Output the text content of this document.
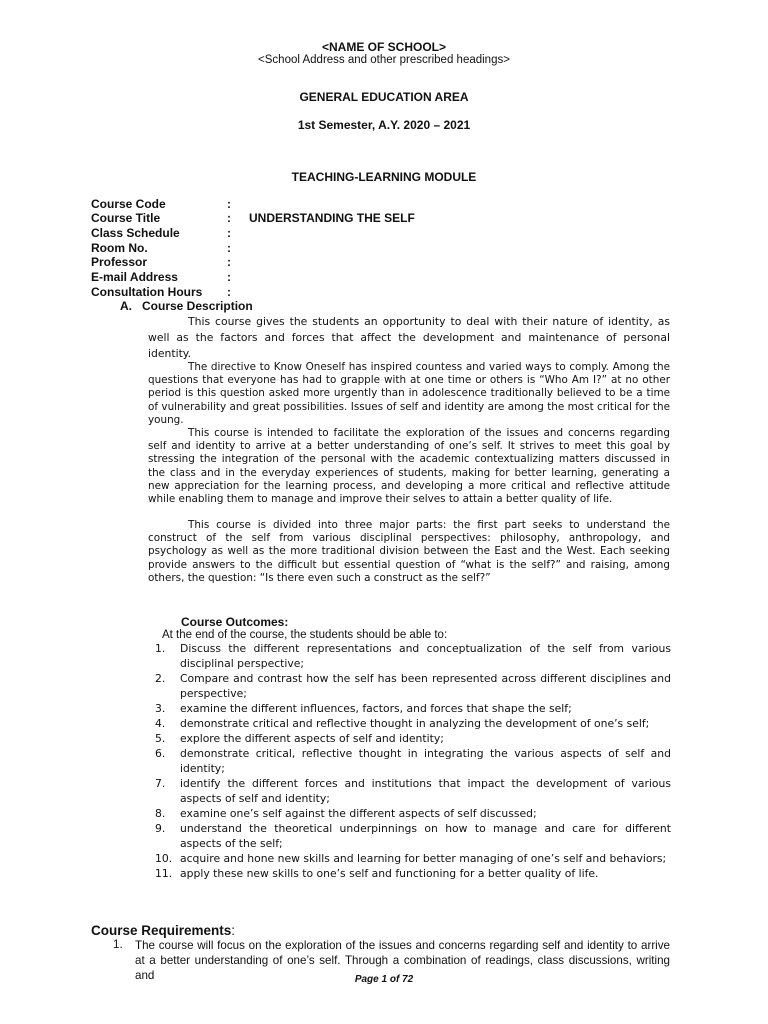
<NAME OF SCHOOL>
<School Address and other prescribed headings>
GENERAL EDUCATION AREA
1st Semester, A.Y. 2020 – 2021
TEACHING-LEARNING MODULE
Course Code	:
Course Title	: UNDERSTANDING THE SELF
Class Schedule	:
Room No.	:
Professor	:
E-mail Address	:
Consultation Hours :
A. Course Description
This course gives the students an opportunity to deal with their nature of identity, as well as the factors and forces that affect the development and maintenance of personal identity.
The directive to Know Oneself has inspired countess and varied ways to comply. Among the questions that everyone has had to grapple with at one time or others is “Who Am I?” at no other period is this question asked more urgently than in adolescence traditionally believed to be a time of vulnerability and great possibilities. Issues of self and identity are among the most critical for the young.
This course is intended to facilitate the exploration of the issues and concerns regarding self and identity to arrive at a better understanding of one’s self. It strives to meet this goal by stressing the integration of the personal with the academic contextualizing matters discussed in the class and in the everyday experiences of students, making for better learning, generating a new appreciation for the learning process, and developing a more critical and reflective attitude while enabling them to manage and improve their selves to attain a better quality of life.
This course is divided into three major parts: the first part seeks to understand the construct of the self from various disciplinal perspectives: philosophy, anthropology, and psychology as well as the more traditional division between the East and the West. Each seeking provide answers to the difficult but essential question of “what is the self?” and raising, among others, the question: “Is there even such a construct as the self?”
Course Outcomes:
At the end of the course, the students should be able to:
1. Discuss the different representations and conceptualization of the self from various disciplinal perspective;
2. Compare and contrast how the self has been represented across different disciplines and perspective;
3. examine the different influences, factors, and forces that shape the self;
4. demonstrate critical and reflective thought in analyzing the development of one’s self;
5. explore the different aspects of self and identity;
6. demonstrate critical, reflective thought in integrating the various aspects of self and identity;
7. identify the different forces and institutions that impact the development of various aspects of self and identity;
8. examine one’s self against the different aspects of self discussed;
9. understand the theoretical underpinnings on how to manage and care for different aspects of the self;
10. acquire and hone new skills and learning for better managing of one’s self and behaviors;
11. apply these new skills to one’s self and functioning for a better quality of life.
Course Requirements:
1. The course will focus on the exploration of the issues and concerns regarding self and identity to arrive at a better understanding of one’s self. Through a combination of readings, class discussions, writing and	Page 1 of 72
